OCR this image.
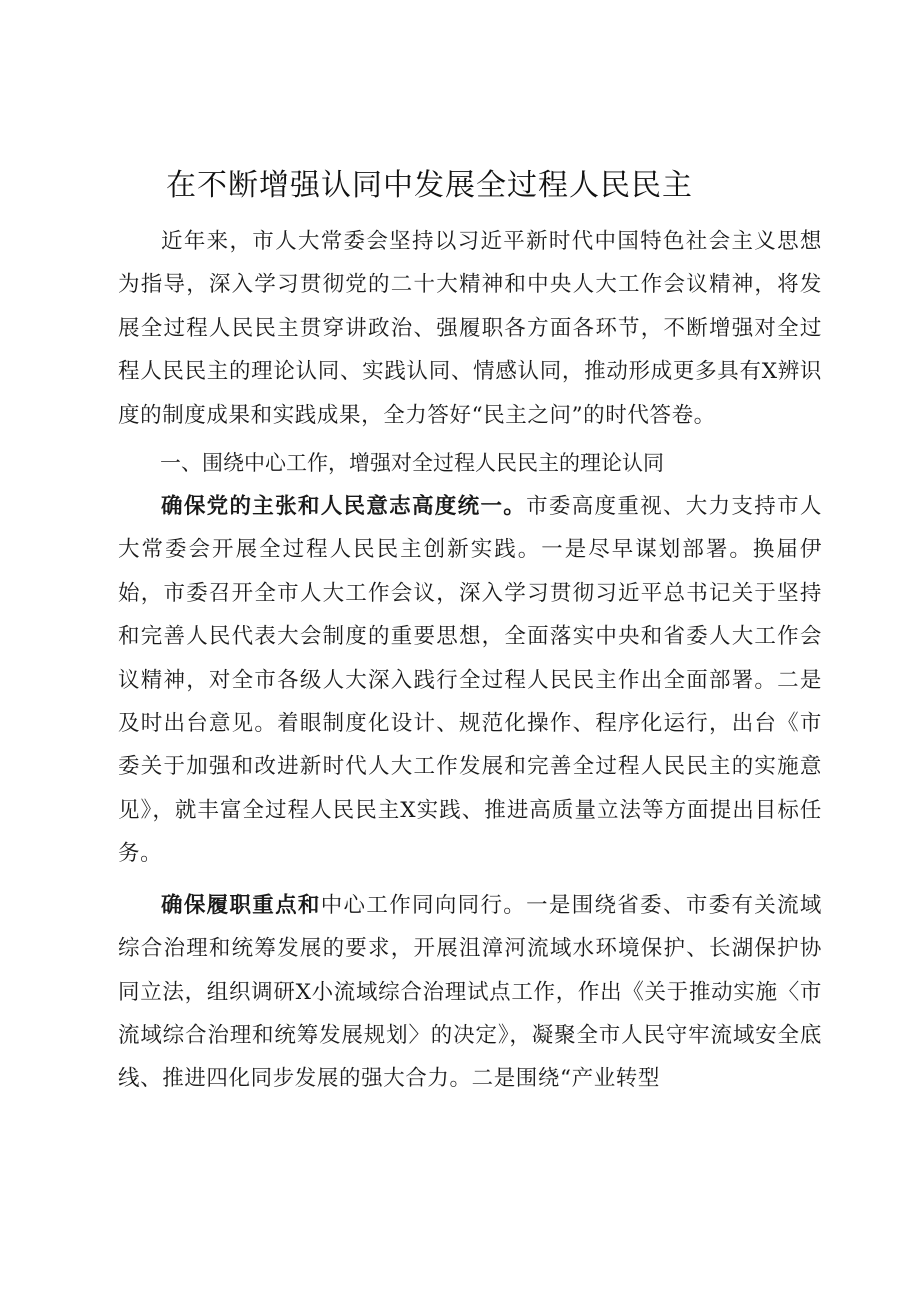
在不断增强认同中发展全过程人民民主

近年来，市人大常委会坚持以习近平新时代中国特色社会主义思想为指导，深入学习贯彻党的二十大精神和中央人大工作会议精神，将发展全过程人民民主贯穿讲政治、强履职各方面各环节，不断增强对全过程人民民主的理论认同、实践认同、情感认同，推动形成更多具有X辨识度的制度成果和实践成果，全力答好“民主之问”的时代答卷。

一、围绕中心工作，增强对全过程人民民主的理论认同

确保党的主张和人民意志高度统一。市委高度重视、大力支持市人大常委会开展全过程人民民主创新实践。一是尽早谋划部署。换届伊始，市委召开全市人大工作会议，深入学习贯彻习近平总书记关于坚持和完善人民代表大会制度的重要思想，全面落实中央和省委人大工作会议精神，对全市各级人大深入践行全过程人民民主作出全面部署。二是及时出台意见。着眼制度化设计、规范化操作、程序化运行，出台《市委关于加强和改进新时代人大工作发展和完善全过程人民民主的实施意见》，就丰富全过程人民民主X实践、推进高质量立法等方面提出目标任务。

确保履职重点和中心工作同向同行。一是围绕省委、市委有关流域综合治理和统筹发展的要求，开展沮漳河流域水环境保护、长湖保护协同立法，组织调研X小流域综合治理试点工作，作出《关于推动实施〈市流域综合治理和统筹发展规划〉的决定》，凝聚全市人民守牢流域安全底线、推进四化同步发展的强大合力。二是围绕“产业转型
